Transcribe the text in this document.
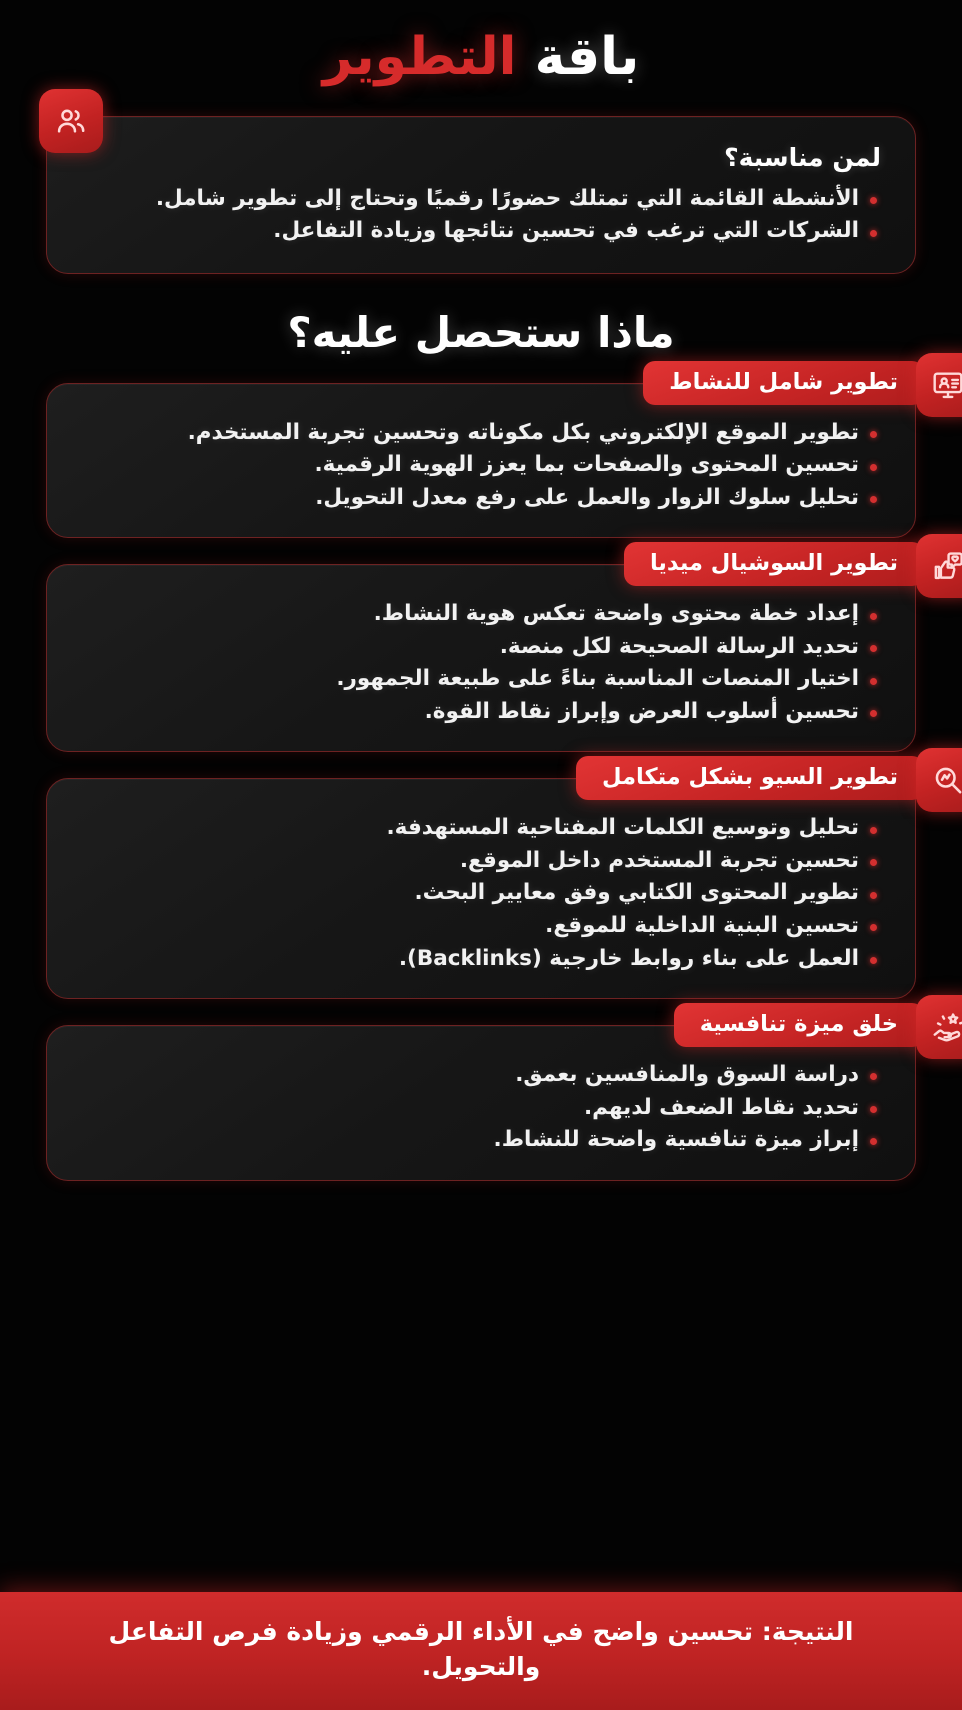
باقة التطوير
لمن مناسبة؟
الأنشطة القائمة التي تمتلك حضورًا رقميًا وتحتاج إلى تطوير شامل.
الشركات التي ترغب في تحسين نتائجها وزيادة التفاعل.
ماذا ستحصل عليه؟
تطوير شامل للنشاط
تطوير الموقع الإلكتروني بكل مكوناته وتحسين تجربة المستخدم.
تحسين المحتوى والصفحات بما يعزز الهوية الرقمية.
تحليل سلوك الزوار والعمل على رفع معدل التحويل.
تطوير السوشيال ميديا
إعداد خطة محتوى واضحة تعكس هوية النشاط.
تحديد الرسالة الصحيحة لكل منصة.
اختيار المنصات المناسبة بناءً على طبيعة الجمهور.
تحسين أسلوب العرض وإبراز نقاط القوة.
تطوير السيو بشكل متكامل
تحليل وتوسيع الكلمات المفتاحية المستهدفة.
تحسين تجربة المستخدم داخل الموقع.
تطوير المحتوى الكتابي وفق معايير البحث.
تحسين البنية الداخلية للموقع.
العمل على بناء روابط خارجية (Backlinks).
خلق ميزة تنافسية
دراسة السوق والمنافسين بعمق.
تحديد نقاط الضعف لديهم.
إبراز ميزة تنافسية واضحة للنشاط.
النتيجة: تحسين واضح في الأداء الرقمي وزيادة فرص التفاعل والتحويل.
